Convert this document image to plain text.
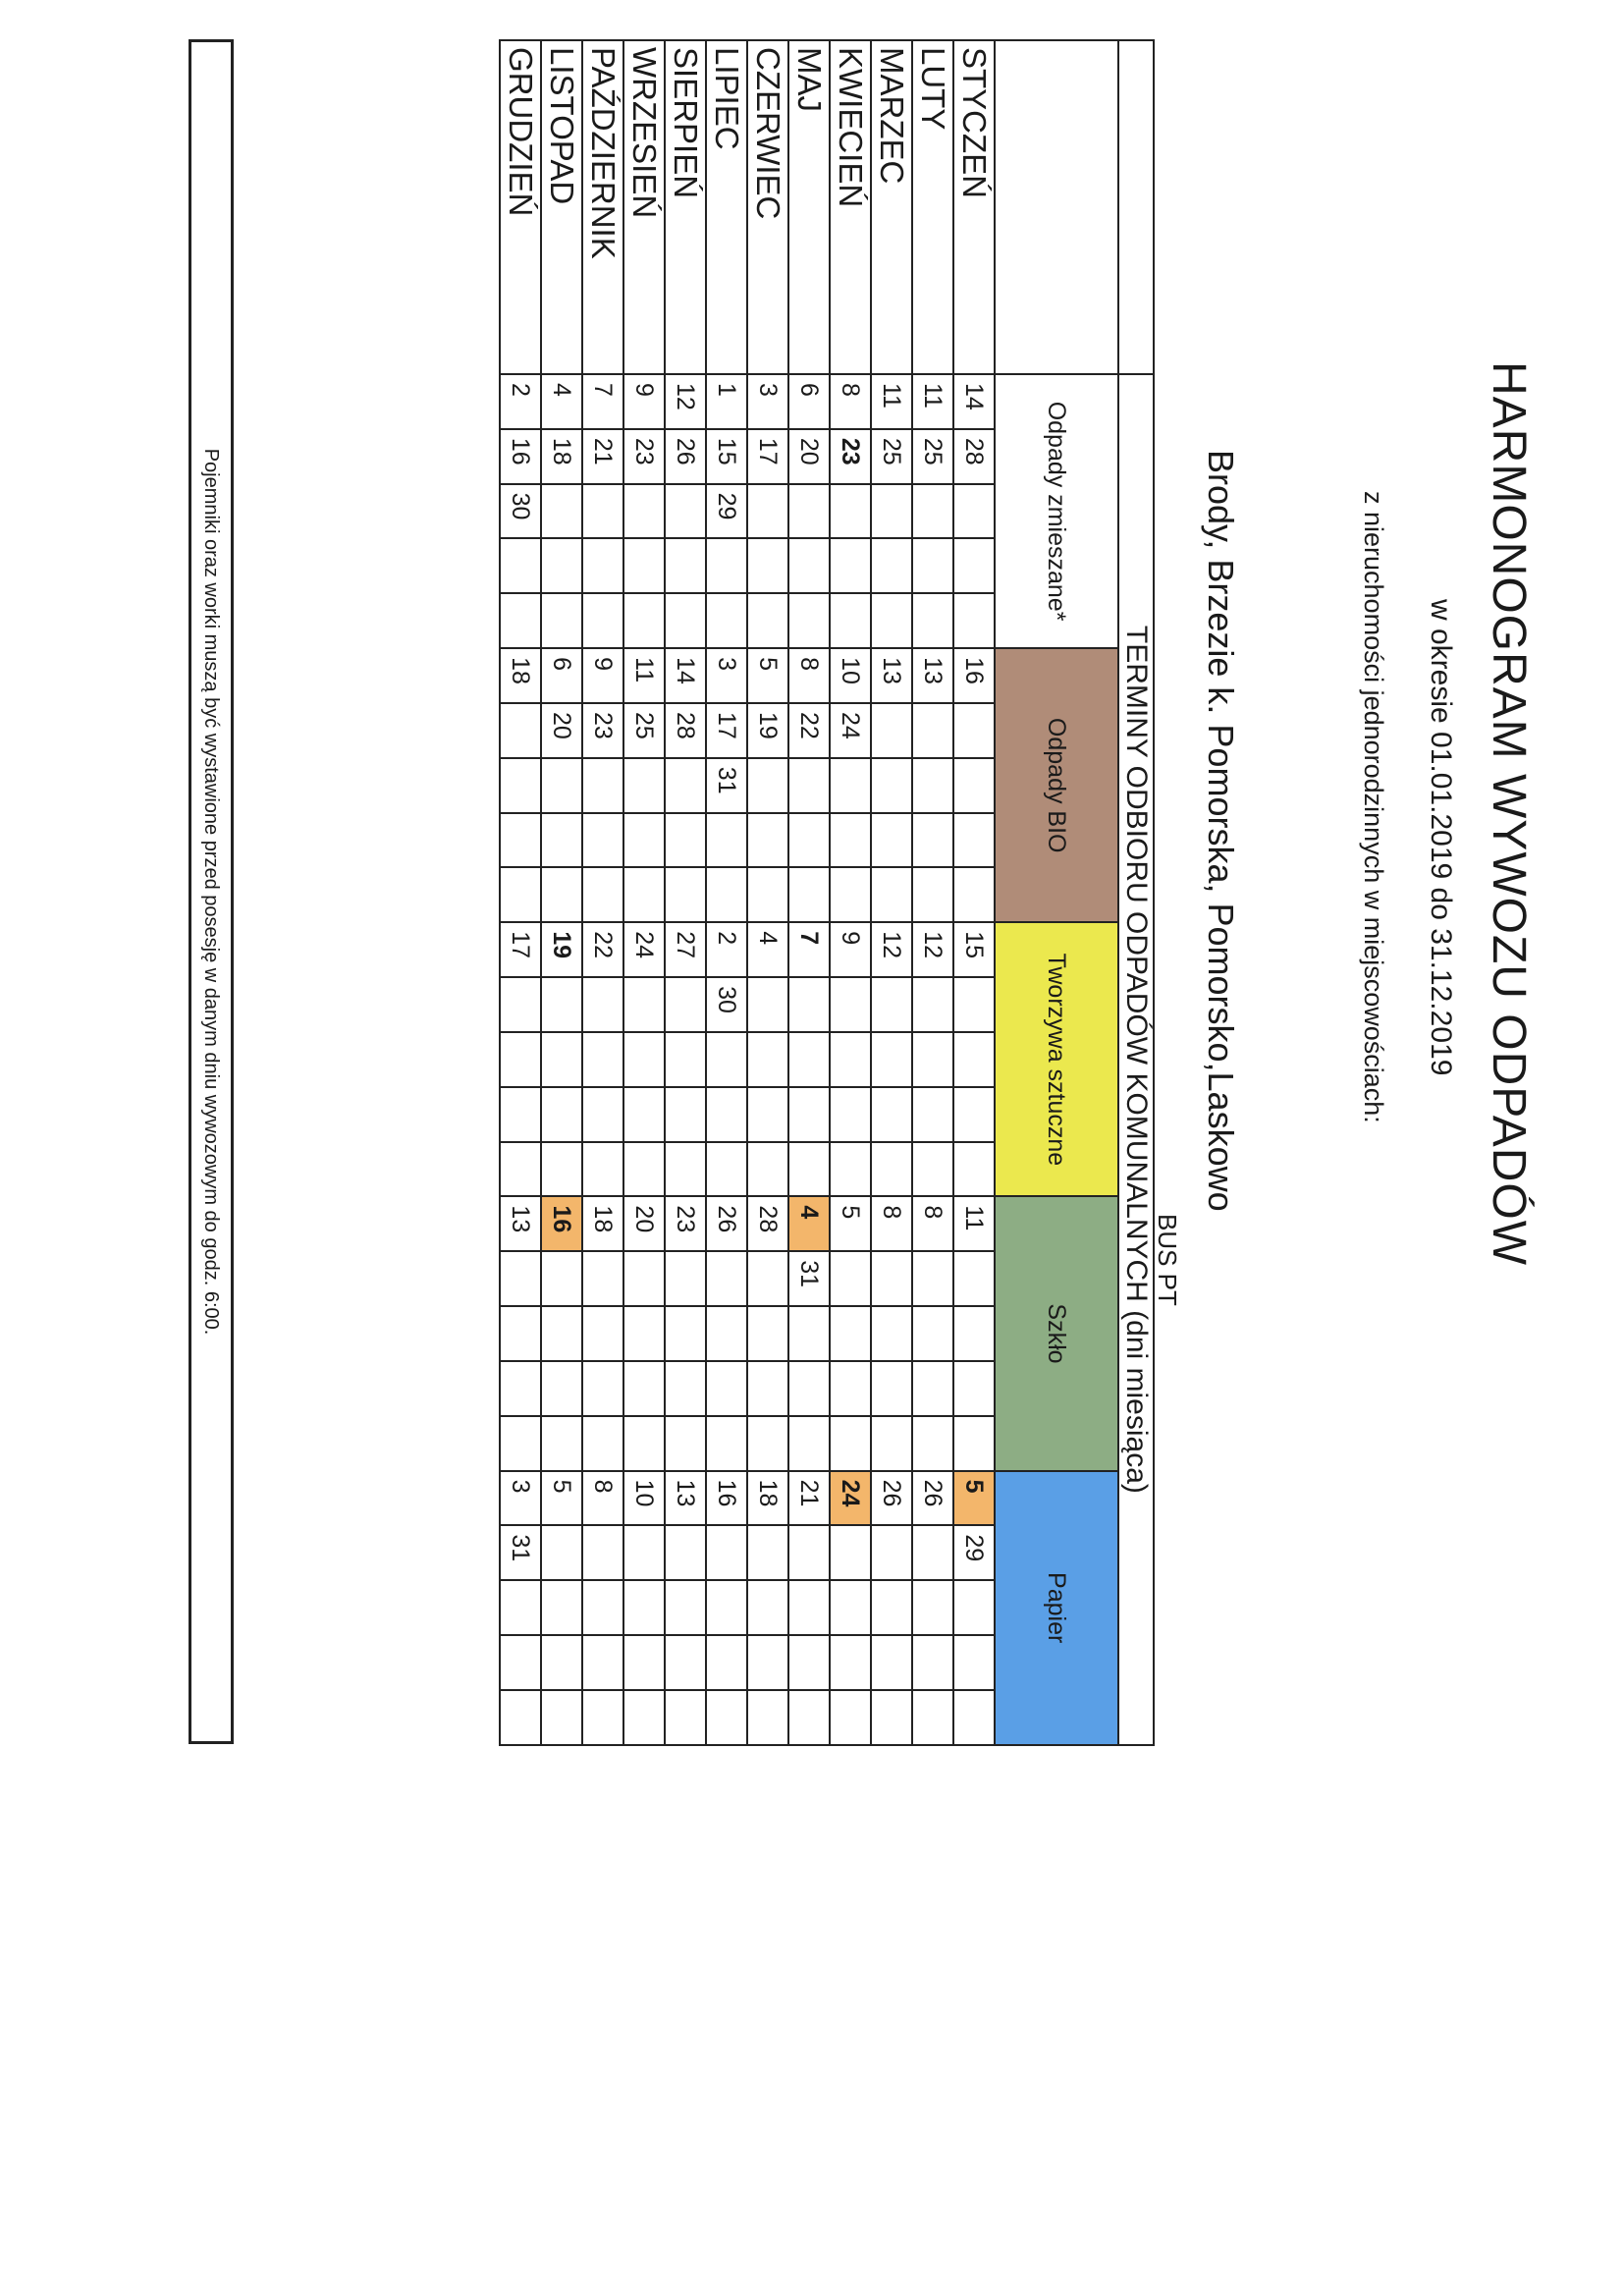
HARMONOGRAM WYWOZU ODPADÓW
w okresie 01.01.2019 do 31.12.2019
z nieruchomości jednorodzinnych w miejscowościach:
Brody, Brzezie k. Pomorska, Pomorsko,Laskowo
BUS PT
	TERMINY ODBIORU ODPADÓW KOMUNALNYCH (dni miesiąca)																								
	Odpady zmieszane*					Odpady BIO					Tworzywa sztuczne					Szkło					Papier				
STYCZEŃ	14	28				16					15					11					5	29			
LUTY	11	25				13					12					8					26				
MARZEC	11	25				13					12					8					26				
KWIECIEŃ	8	23				10	24				9					5					24				
MAJ	6	20				8	22				7					4	31				21				
CZERWIEC	3	17				5	19				4					28					18				
LIPIEC	1	15	29			3	17	31			2	30				26					16				
SIERPIEŃ	12	26				14	28				27					23					13				
WRZESIEŃ	9	23				11	25				24					20					10				
PAŹDZIERNIK	7	21				9	23				22					18					8				
LISTOPAD	4	18				6	20				19					16					5				
GRUDZIEŃ	2	16	30			18					17					13					3	31			
Pojemniki oraz worki muszą być wystawione przed posesję w danym dniu wywozowym do godz. 6:00.
